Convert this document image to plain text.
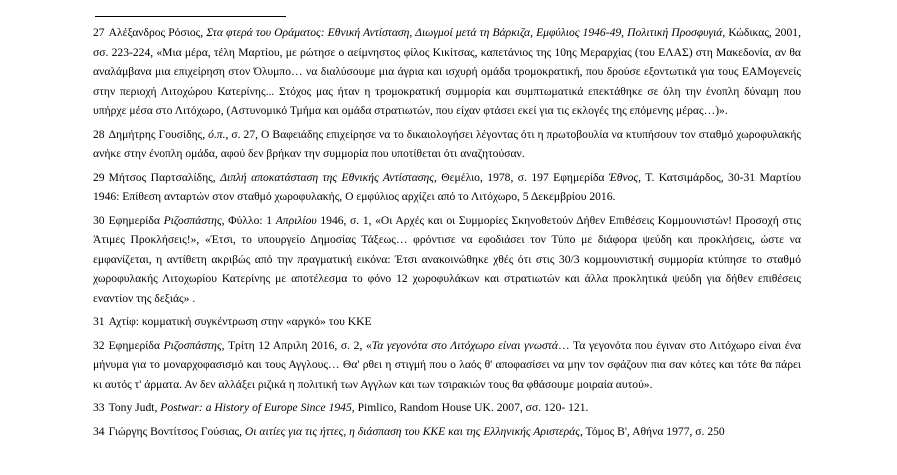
27 Αλέξανδρος Ρόσιος, Στα φτερά του Οράματος: Εθνική Αντίσταση, Διωγμοί μετά τη Βάρκιζα, Εμφύλιος 1946-49, Πολιτική Προσφυγιά, Κώδικας, 2001, σσ. 223-224, «Μια μέρα, τέλη Μαρτίου, με ρώτησε ο αείμνηστος φίλος Κικίτσας, καπετάνιος της 10ης Μεραρχίας (του ΕΛΑΣ) στη Μακεδονία, αν θα αναλάμβανα μια επιχείρηση στον Όλυμπο… να διαλύσουμε μια άγρια και ισχυρή ομάδα τρομοκρατική, που δρούσε εξοντωτικά για τους ΕΑΜογενείς στην περιοχή Λιτοχώρου Κατερίνης... Στόχος μας ήταν η τρομοκρατική συμμορία και συμπτωματικά επεκτάθηκε σε όλη την ένοπλη δύναμη που υπήρχε μέσα στο Λιτόχωρο, (Αστυνομικό Τμήμα και ομάδα στρατιωτών, που είχαν φτάσει εκεί για τις εκλογές της επόμενης μέρας…)».

28 Δημήτρης Γουσίδης, ό.π., σ. 27, Ο Βαφειάδης επιχείρησε να το δικαιολογήσει λέγοντας ότι η πρωτοβουλία να κτυπήσουν τον σταθμό χωροφυλακής ανήκε στην ένοπλη ομάδα, αφού δεν βρήκαν την συμμορία που υποτίθεται ότι αναζητούσαν.

29 Μήτσος Παρτσαλίδης, Διπλή αποκατάσταση της Εθνικής Αντίστασης, Θεμέλιο, 1978, σ. 197 Εφημερίδα Έθνος, Τ. Κατσιμάρδος, 30-31 Μαρτίου 1946: Επίθεση ανταρτών στον σταθμό χωροφυλακής, Ο εμφύλιος αρχίζει από το Λιτόχωρο, 5 Δεκεμβρίου 2016.

30 Εφημερίδα Ριζοσπάστης, Φύλλο: 1 Απριλίου 1946, σ. 1, «Οι Αρχές και οι Συμμορίες Σκηνοθετούν Δήθεν Επιθέσεις Κομμουνιστών! Προσοχή στις Άτιμες Προκλήσεις!», «Έτσι, το υπουργείο Δημοσίας Τάξεως… φρόντισε να εφοδιάσει τον Τύπο με διάφορα ψεύδη και προκλήσεις, ώστε να εμφανίζεται, η αντίθετη ακριβώς από την πραγματική εικόνα: Έτσι ανακοινώθηκε χθές ότι στις 30/3 κομμουνιστική συμμορία κτύπησε το σταθμό χωροφυλακής Λιτοχωρίου Κατερίνης με αποτέλεσμα το φόνο 12 χωροφυλάκων και στρατιωτών και άλλα προκλητικά ψεύδη για δήθεν επιθέσεις εναντίον της δεξιάς» .

31 Αχτίφ: κομματική συγκέντρωση στην «αργκό» του ΚΚΕ

32 Εφημερίδα Ριζοσπάστης, Τρίτη 12 Απριλη 2016, σ. 2, «Τα γεγονότα στο Λιτόχωρο είναι γνωστά… Τα γεγονότα που έγιναν στο Λιτόχωρο είναι ένα μήνυμα για το μοναρχοφασισμό και τους Αγγλους… Θα' ρθει η στιγμή που ο λαός θ' αποφασίσει να μην τον σφάζουν πια σαν κότες και τότε θα πάρει κι αυτός τ' άρματα. Αν δεν αλλάξει ριζικά η πολιτική των Αγγλων και των τσιρακιών τους θα φθάσουμε μοιραία αυτού».

33 Tony Judt, Postwar: a History of Europe Since 1945, Pimlico, Random House UK. 2007, σσ. 120- 121.

34 Γιώργης Βοντίτσος Γούσιας, Οι αιτίες για τις ήττες, η διάσπαση του ΚΚΕ και της Ελληνικής Αριστεράς, Τόμος Β', Αθήνα 1977, σ. 250
